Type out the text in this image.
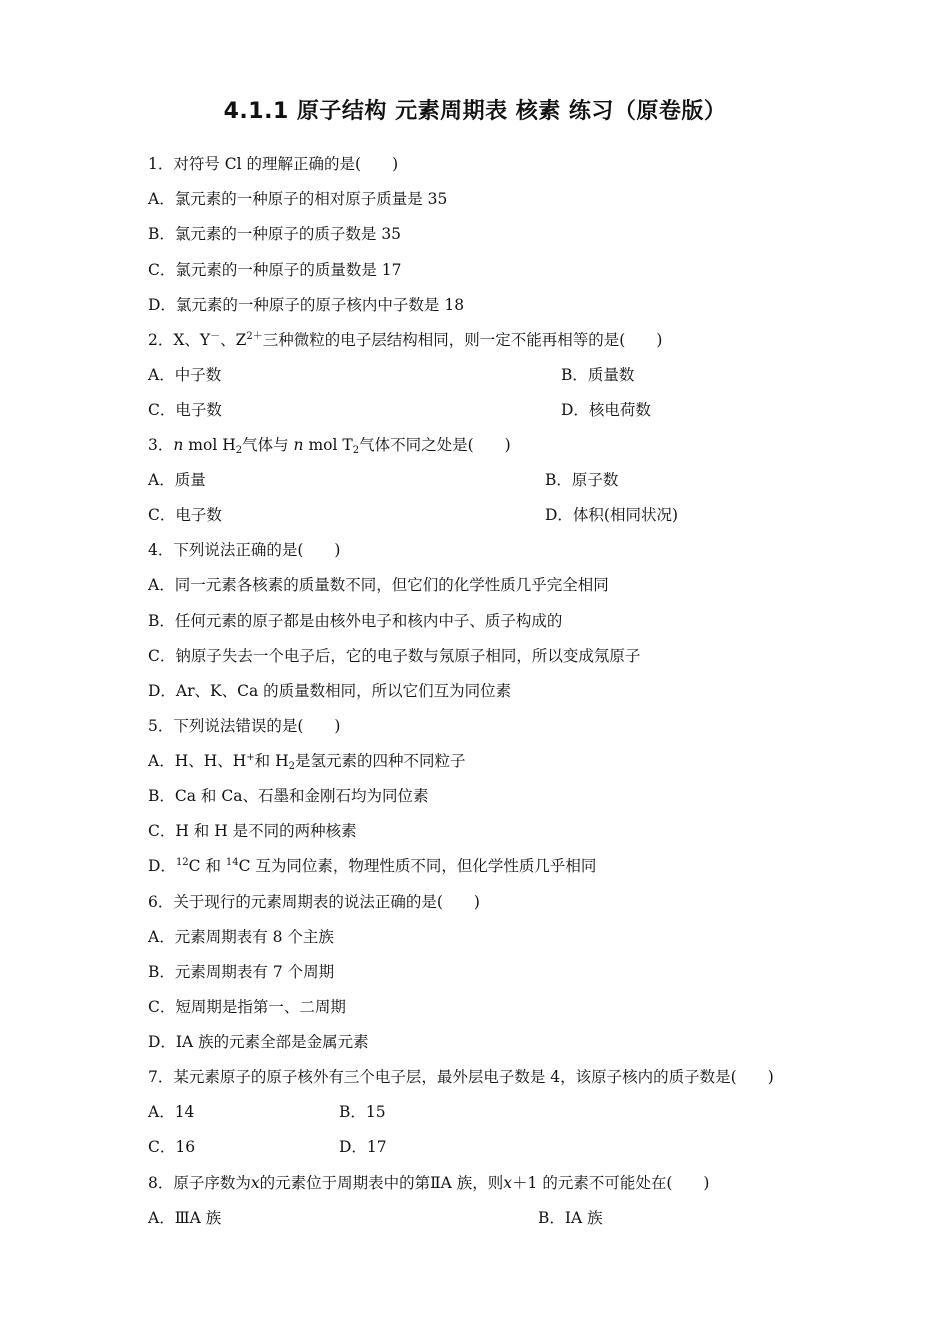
4.1.1 原子结构 元素周期表 核素 练习（原卷版）
1．对符号 Cl 的理解正确的是(　　)
A．氯元素的一种原子的相对原子质量是 35
B．氯元素的一种原子的质子数是 35
C．氯元素的一种原子的质量数是 17
D．氯元素的一种原子的原子核内中子数是 18
2．X、Y－、$Z^{2+}$三种微粒的电子层结构相同，则一定不能再相等的是(　　)
A．中子数	B．质量数
C．电子数	D．核电荷数
3．n mol $H_2$气体与 n mol $T_2$气体不同之处是(　　)
A．质量	B．原子数
C．电子数	D．体积(相同状况)
4．下列说法正确的是(　　)
A．同一元素各核素的质量数不同，但它们的化学性质几乎完全相同
B．任何元素的原子都是由核外电子和核内中子、质子构成的
C．钠原子失去一个电子后，它的电子数与氖原子相同，所以变成氖原子
D．Ar、K、Ca 的质量数相同，所以它们互为同位素
5．下列说法错误的是(　　)
A．H、H、H+和 $H_2$是氢元素的四种不同粒子
B．Ca 和 Ca、石墨和金刚石均为同位素
C．H 和 H 是不同的两种核素
D．$^{12}$C 和 $^{14}$C 互为同位素，物理性质不同，但化学性质几乎相同
6．关于现行的元素周期表的说法正确的是(　　)
A．元素周期表有 8 个主族
B．元素周期表有 7 个周期
C．短周期是指第一、二周期
D．ⅠA 族的元素全部是金属元素
7．某元素原子的原子核外有三个电子层，最外层电子数是 4，该原子核内的质子数是(　　)
A．14	B．15
C．16	D．17
8．原子序数为x的元素位于周期表中的第ⅡA 族，则x＋1 的元素不可能处在(　　)
A．ⅢA 族	B．ⅠA 族
